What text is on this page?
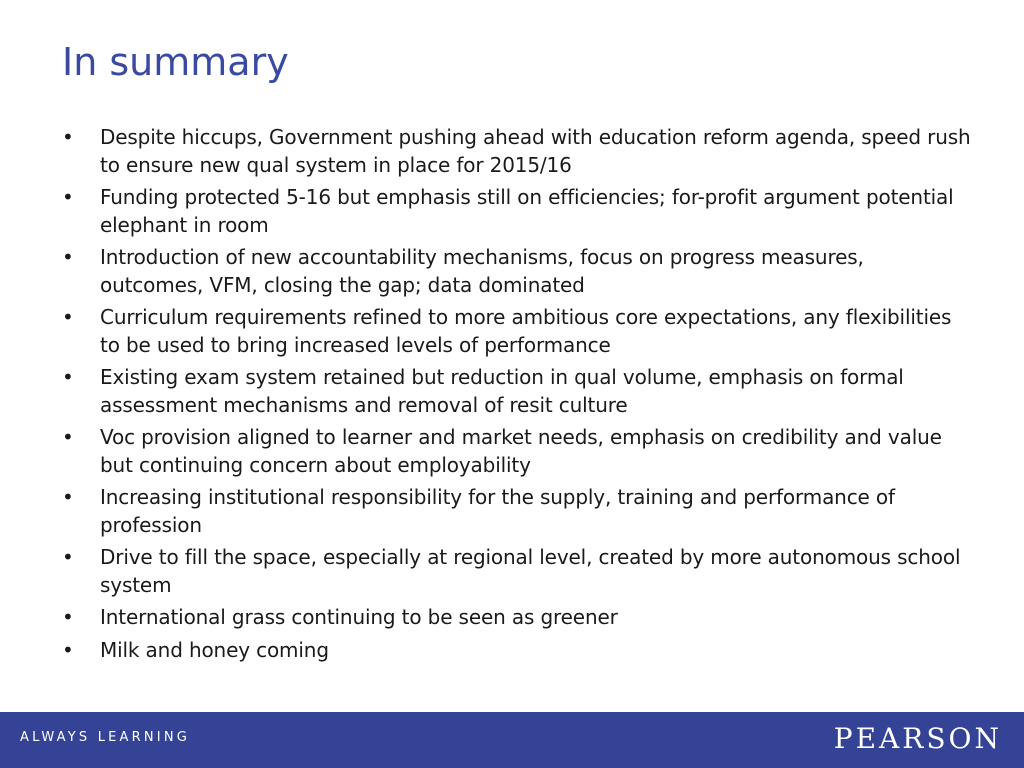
In summary
•	Despite hiccups, Government pushing ahead with education reform agenda, speed rush to ensure new qual system in place for 2015/16
•	Funding protected 5-16 but emphasis still on efficiencies; for-profit argument potential elephant in room
•	Introduction of new accountability mechanisms, focus on progress measures, outcomes, VFM, closing the gap; data dominated
•	Curriculum requirements refined to more ambitious core expectations, any flexibilities to be used to bring increased levels of performance
•	Existing exam system retained but reduction in qual volume, emphasis on formal assessment mechanisms and removal of resit culture
•	Voc provision aligned to learner and market needs, emphasis on credibility and value but continuing concern about employability
•	Increasing institutional responsibility for the supply, training and performance of profession
•	Drive to fill the space, especially at regional level, created by more autonomous school system
•	International grass continuing to be seen as greener
•	Milk and honey coming
ALWAYS LEARNING	PEARSON
